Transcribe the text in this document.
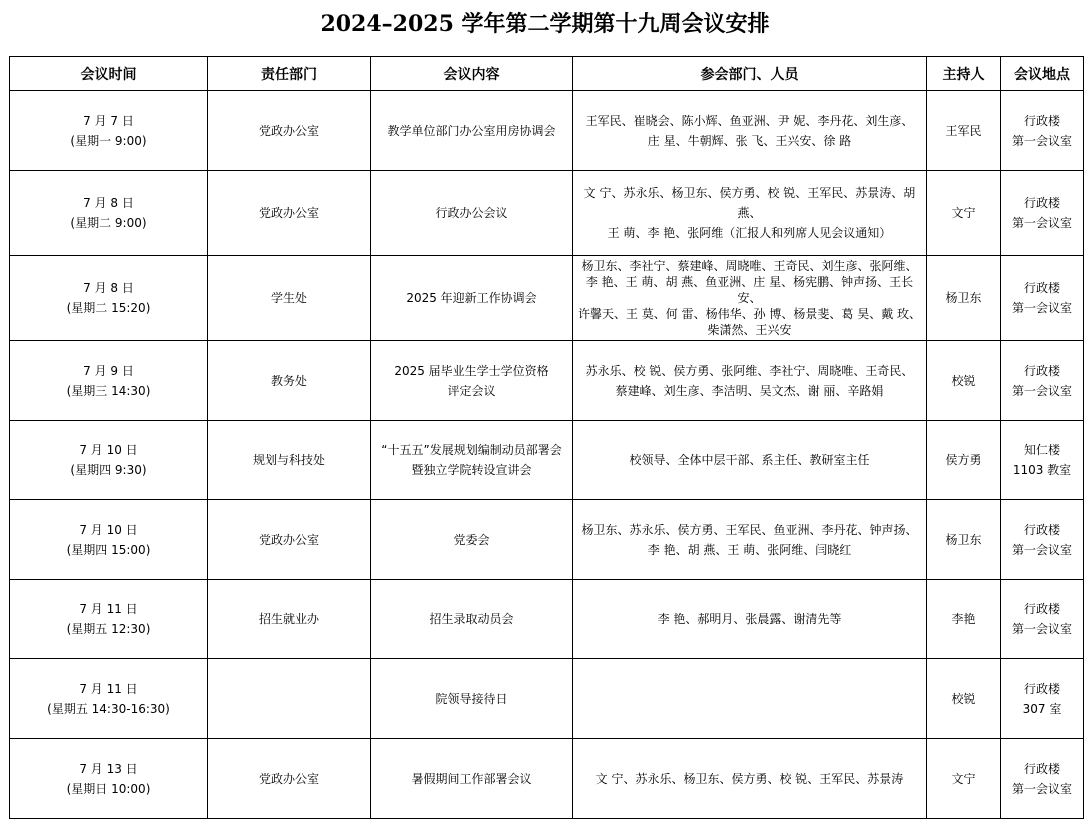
2024–2025 学年第二学期第十九周会议安排
会议时间	责任部门	会议内容	参会部门、人员	主持人	会议地点

7 月 7 日
(星期一 9:00)	党政办公室	教学单位部门办公室用房协调会	王军民、崔晓会、陈小辉、鱼亚洲、尹 妮、李丹花、刘生彦、
庄 星、牛朝辉、张 飞、王兴安、徐 路	王军民	行政楼
第一会议室

7 月 8 日
(星期二 9:00)	党政办公室	行政办公会议	文 宁、苏永乐、杨卫东、侯方勇、校 锐、王军民、苏景涛、胡 燕、
王 萌、李 艳、张阿维（汇报人和列席人见会议通知）	文宁	行政楼
第一会议室

7 月 8 日
(星期二 15:20)	学生处	2025 年迎新工作协调会	杨卫东、李社宁、蔡建峰、周晓唯、王奇民、刘生彦、张阿维、
李 艳、王 萌、胡 燕、鱼亚洲、庄 星、杨宪鹏、钟声扬、王长安、
许馨天、王 莫、何 雷、杨伟华、孙 博、杨景斐、葛 昊、戴 玫、
柴潇然、王兴安	杨卫东	行政楼
第一会议室

7 月 9 日
(星期三 14:30)	教务处	2025 届毕业生学士学位资格
评定会议	苏永乐、校 锐、侯方勇、张阿维、李社宁、周晓唯、王奇民、
蔡建峰、刘生彦、李洁明、吴文杰、谢 丽、辛路娟	校锐	行政楼
第一会议室

7 月 10 日
(星期四 9:30)	规划与科技处	“十五五”发展规划编制动员部署会
暨独立学院转设宣讲会	校领导、全体中层干部、系主任、教研室主任	侯方勇	知仁楼
1103 教室

7 月 10 日
(星期四 15:00)	党政办公室	党委会	杨卫东、苏永乐、侯方勇、王军民、鱼亚洲、李丹花、钟声扬、
李 艳、胡 燕、王 萌、张阿维、闫晓红	杨卫东	行政楼
第一会议室

7 月 11 日
(星期五 12:30)	招生就业办	招生录取动员会	李 艳、郝明月、张晨露、谢清先等	李艳	行政楼
第一会议室

7 月 11 日
(星期五 14:30-16:30)		院领导接待日		校锐	行政楼
307 室

7 月 13 日
(星期日 10:00)	党政办公室	暑假期间工作部署会议	文 宁、苏永乐、杨卫东、侯方勇、校 锐、王军民、苏景涛	文宁	行政楼
第一会议室
